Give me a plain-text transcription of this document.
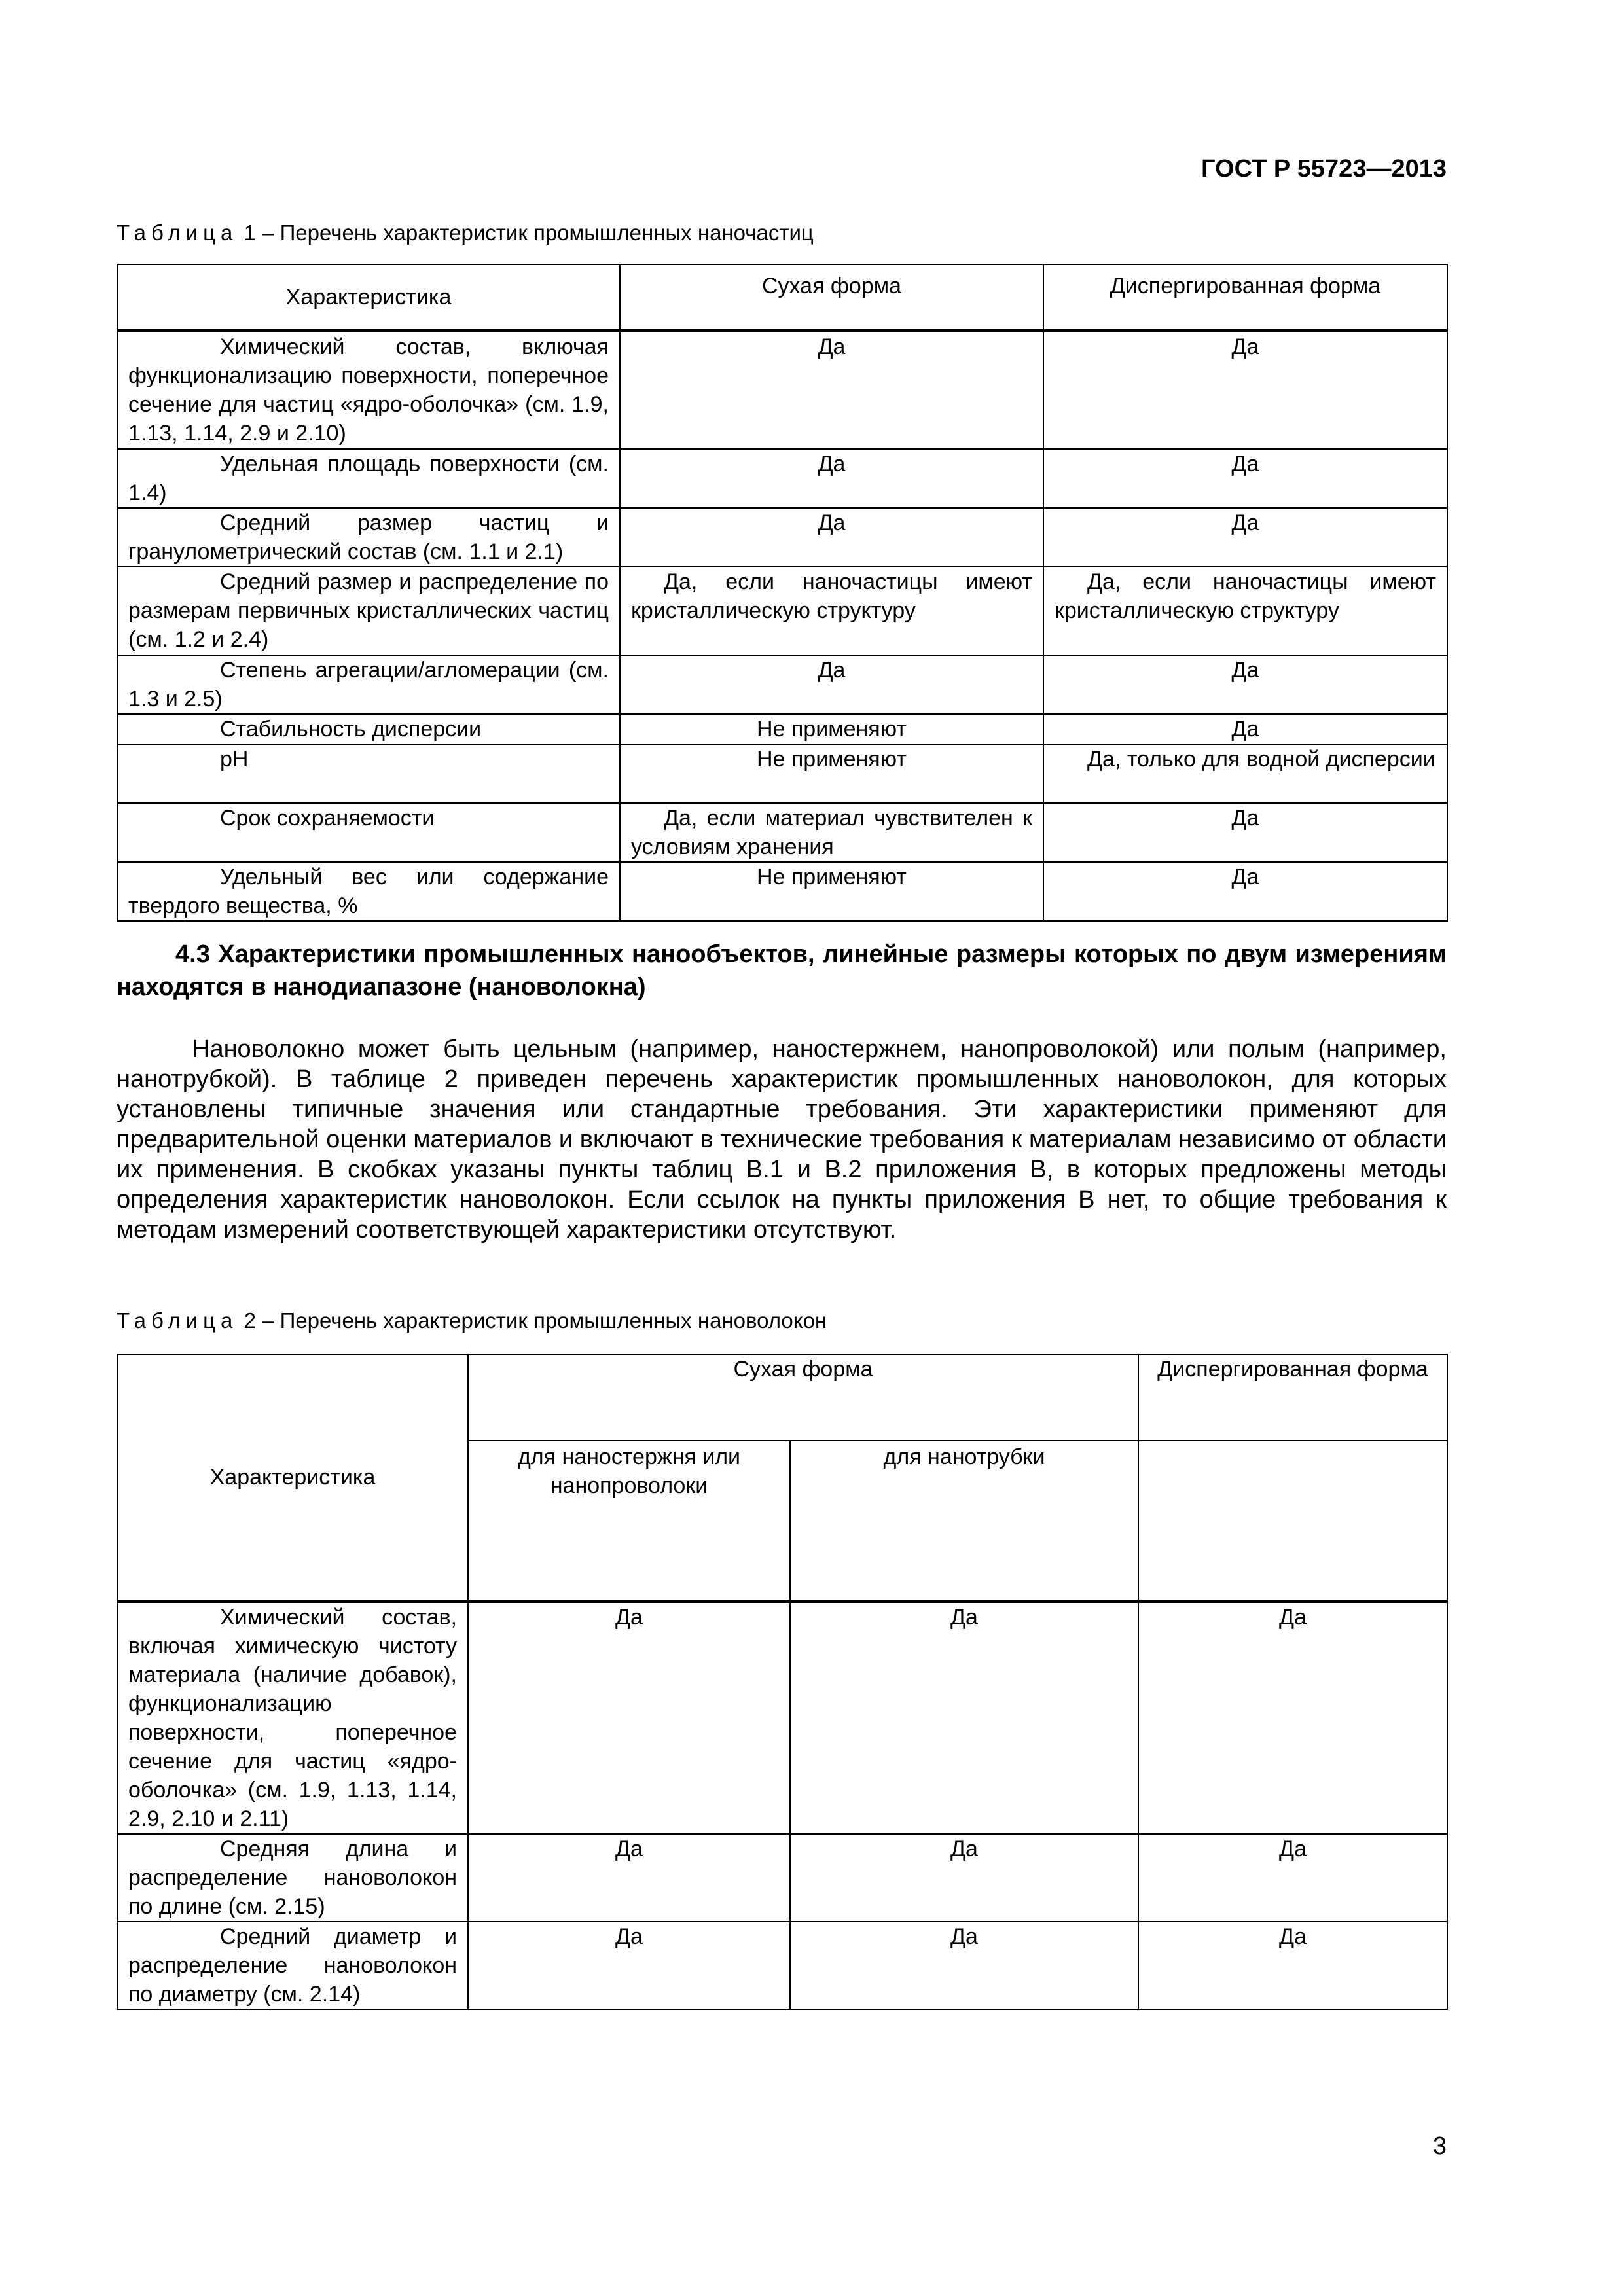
ГОСТ Р 55723—2013
Таблица 1 – Перечень характеристик промышленных наночастиц
Характеристика	Сухая форма	Диспергированная форма
Химический состав, включая функционализацию поверхности, поперечное сечение для частиц «ядро-оболочка» (см. 1.9, 1.13, 1.14, 2.9 и 2.10)	Да	Да
Удельная площадь поверхности (см. 1.4)	Да	Да
Средний размер частиц и гранулометрический состав (см. 1.1 и 2.1)	Да	Да
Средний размер и распределение по размерам первичных кристаллических частиц (см. 1.2 и 2.4)	Да, если наночастицы имеют кристаллическую структуру	Да, если наночастицы имеют кристаллическую структуру
Степень агрегации/агломерации (см. 1.3 и 2.5)	Да	Да
Стабильность дисперсии	Не применяют	Да
pH	Не применяют	Да, только для водной дисперсии
Срок сохраняемости	Да, если материал чувствителен к условиям хранения	Да
Удельный вес или содержание твердого вещества, %	Не применяют	Да
4.3 Характеристики промышленных нанообъектов, линейные размеры которых по двум измерениям находятся в нанодиапазоне (нановолокна)
Нановолокно может быть цельным (например, наностержнем, нанопроволокой) или полым (например, нанотрубкой). В таблице 2 приведен перечень характеристик промышленных нановолокон, для которых установлены типичные значения или стандартные требования. Эти характеристики применяют для предварительной оценки материалов и включают в технические требования к материалам независимо от области их применения. В скобках указаны пункты таблиц В.1 и В.2 приложения В, в которых предложены методы определения характеристик нановолокон. Если ссылок на пункты приложения В нет, то общие требования к методам измерений соответствующей характеристики отсутствуют.
Таблица 2 – Перечень характеристик промышленных нановолокон
Характеристика	Сухая форма		Диспергированная форма
	для наностержня или нанопроволоки	для нанотрубки	
Химический состав, включая химическую чистоту материала (наличие добавок), функционализацию поверхности, поперечное сечение для частиц «ядро-оболочка» (см. 1.9, 1.13, 1.14, 2.9, 2.10 и 2.11)	Да	Да	Да
Средняя длина и распределение нановолокон по длине (см. 2.15)	Да	Да	Да
Средний диаметр и распределение нановолокон по диаметру (см. 2.14)	Да	Да	Да
3
